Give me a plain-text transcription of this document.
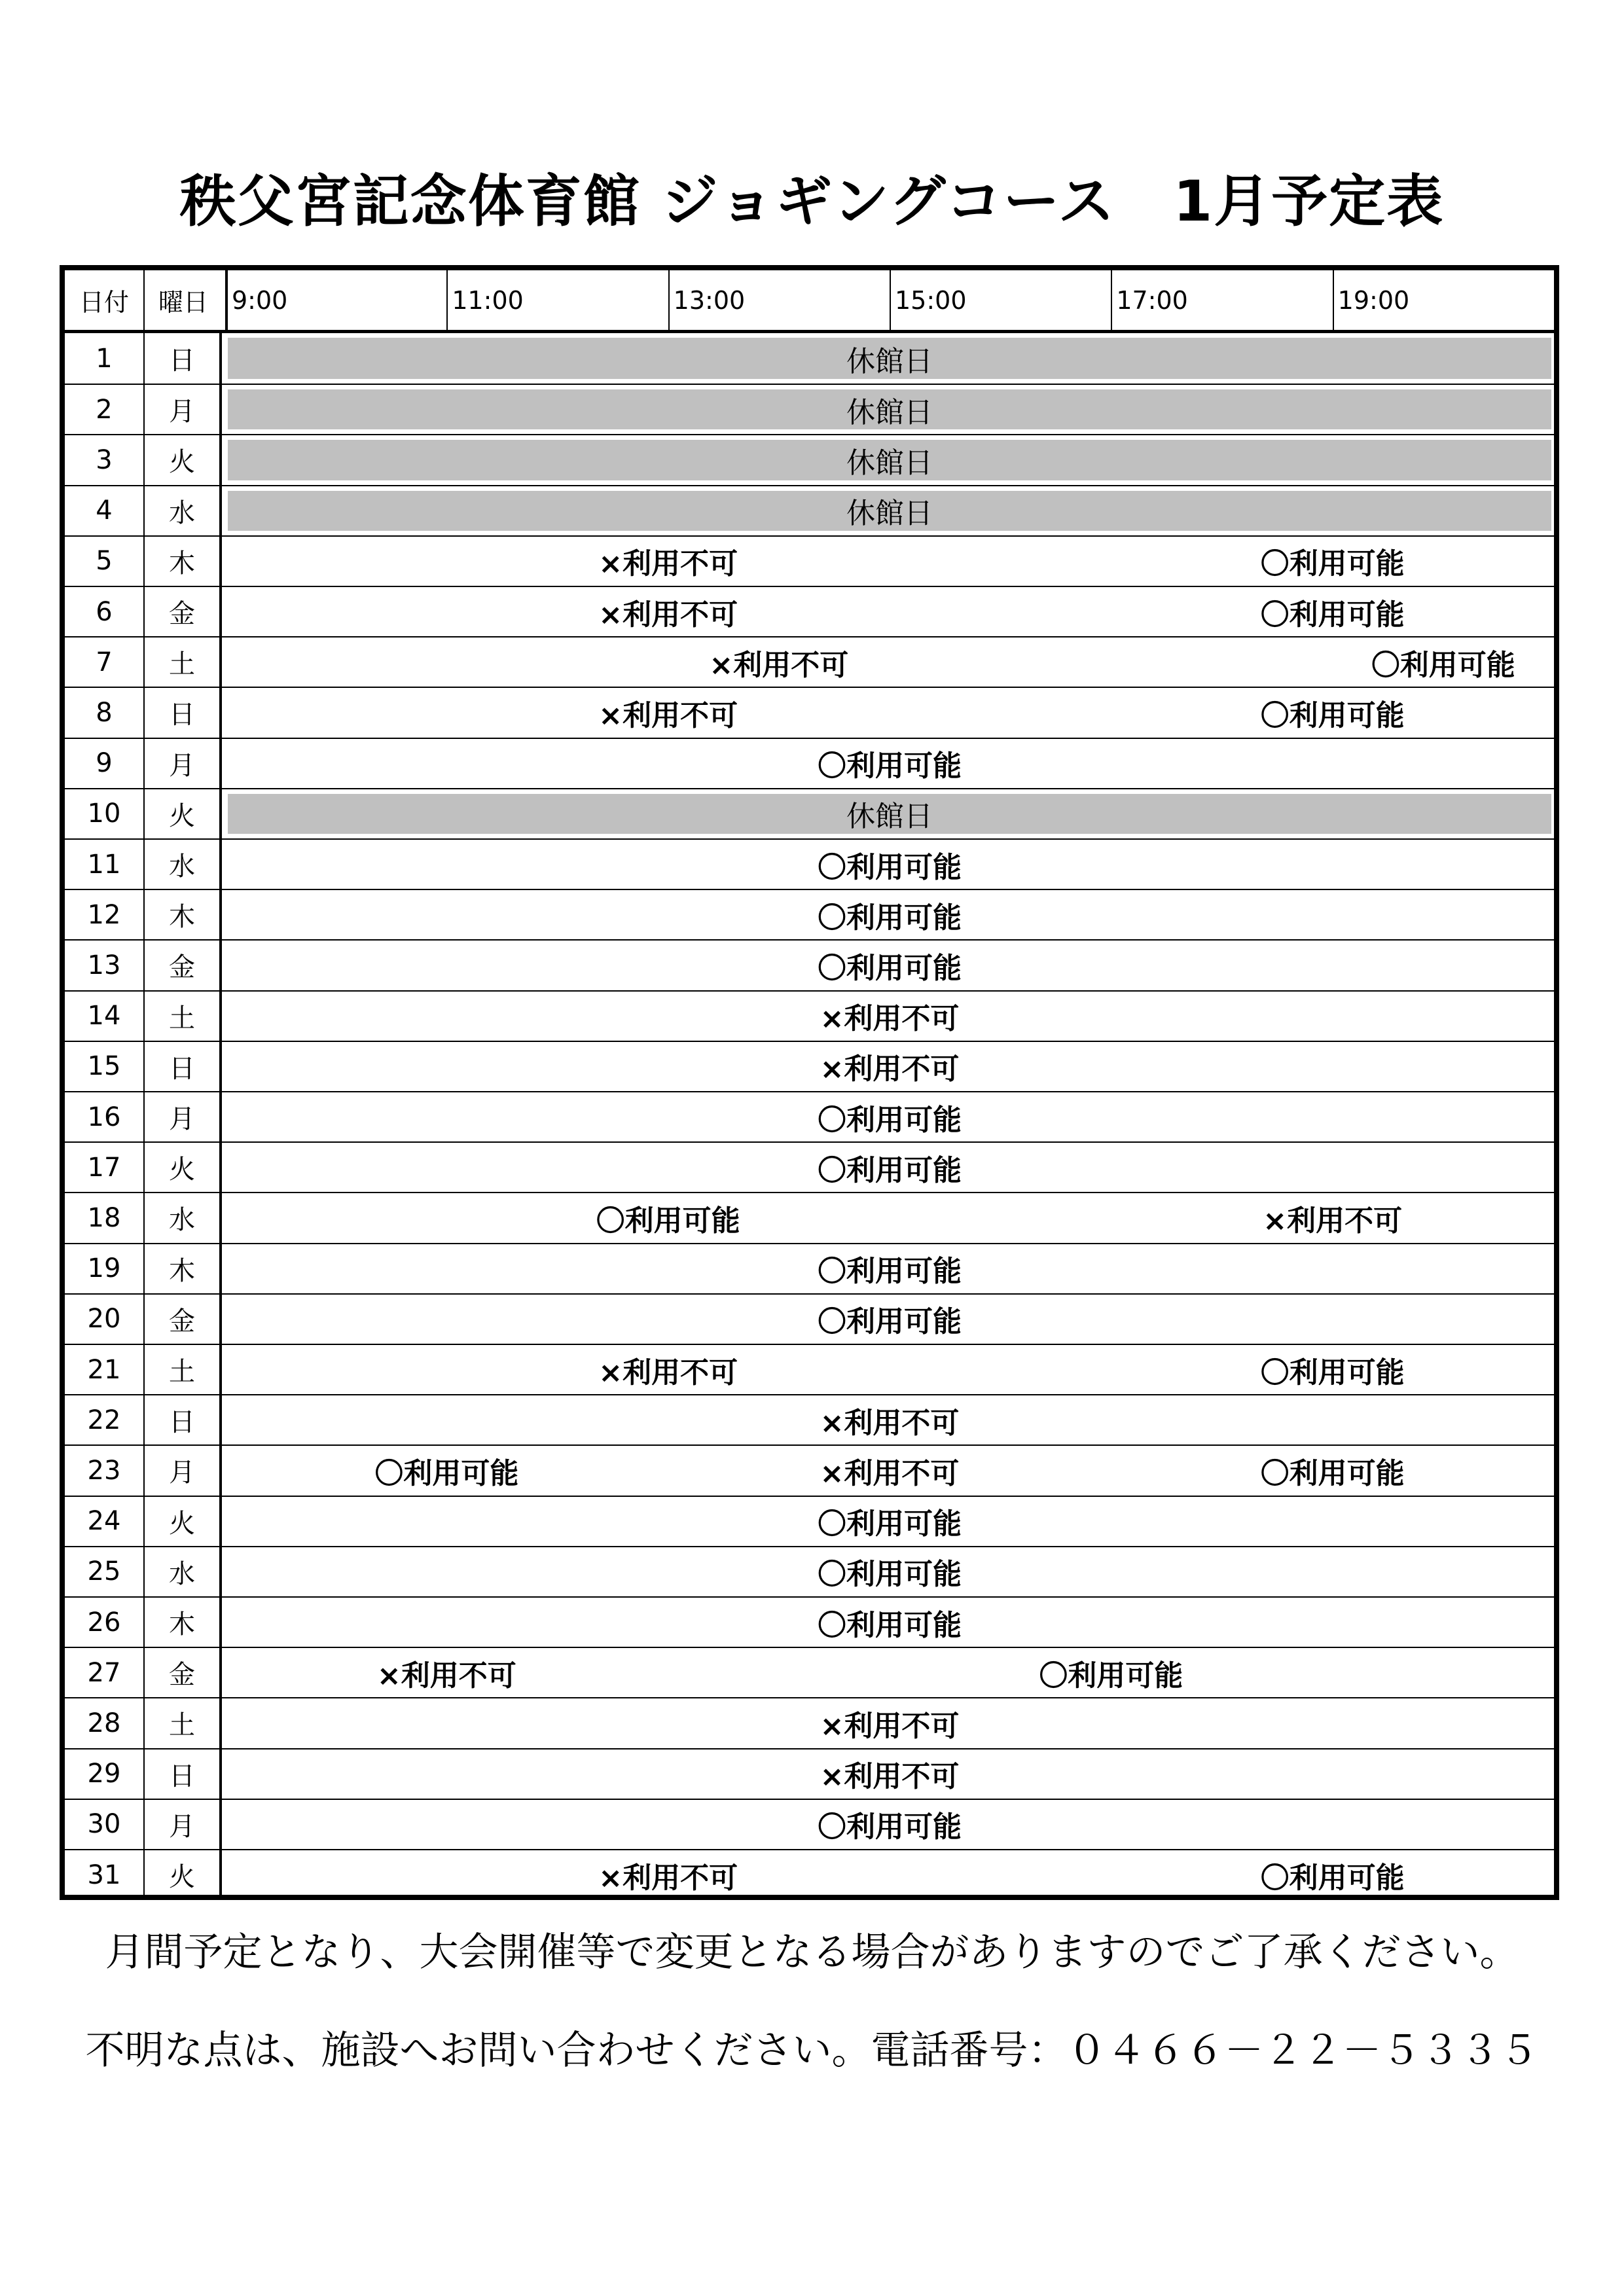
秩父宮記念体育館 ジョギングコース　1月予定表
日付	曜日 9:00	11:00	13:00	15:00	17:00	19:00
1	日	休館日
2	月	休館日
3	火	休館日
4	水	休館日
5	木	×利用不可	〇利用可能
6	金	×利用不可	〇利用可能
7	土	×利用不可	〇利用可能
8	日	×利用不可	〇利用可能
9	月	〇利用可能
10	火	休館日
11	水	〇利用可能
12	木	〇利用可能
13	金	〇利用可能
14	土	×利用不可
15	日	×利用不可
16	月	〇利用可能
17	火	〇利用可能
18	水	〇利用可能	×利用不可
19	木	〇利用可能
20	金	〇利用可能
21	土	×利用不可	〇利用可能
22	日	×利用不可
23	月	〇利用可能	×利用不可	〇利用可能
24	火	〇利用可能
25	水	〇利用可能
26	木	〇利用可能
27	金	×利用不可	〇利用可能
28	土	×利用不可
29	日	×利用不可
30	月	〇利用可能
31	火	×利用不可	〇利用可能
月間予定となり、大会開催等で変更となる場合がありますのでご了承ください。
不明な点は、施設へお問い合わせください。電話番号：０４６６－２２－５３３５
